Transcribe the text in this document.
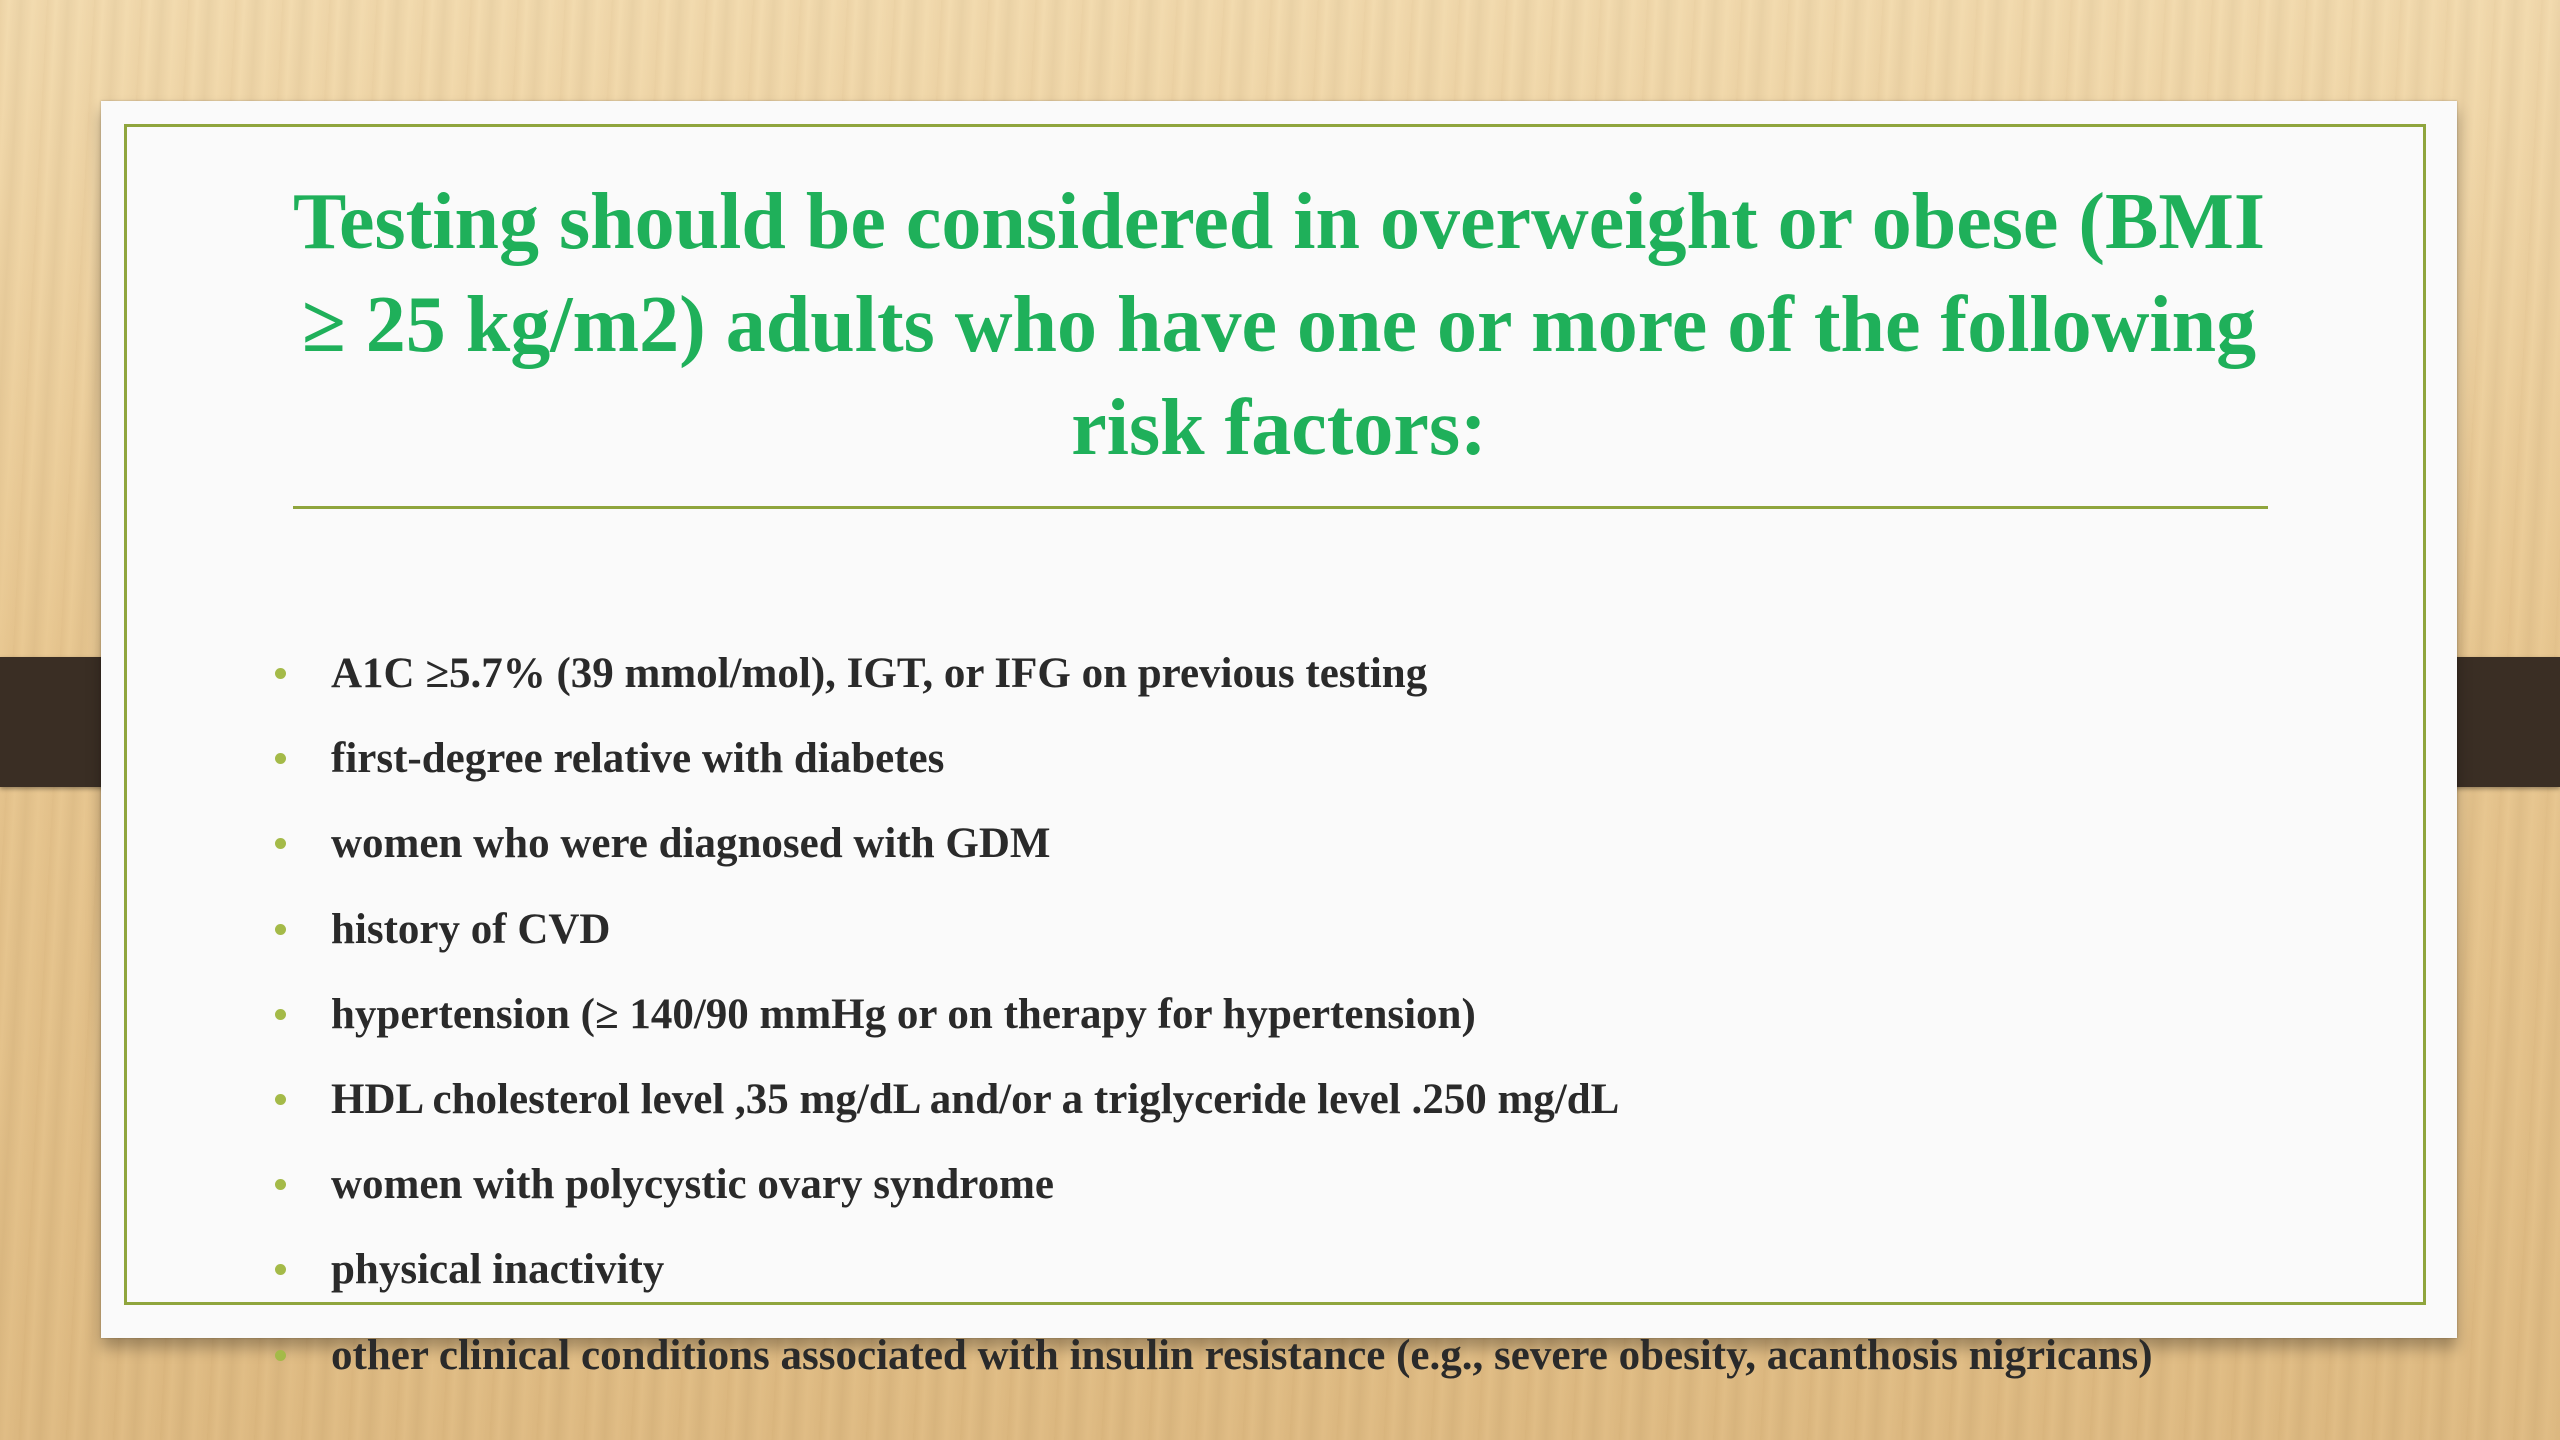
Testing should be considered in overweight or obese (BMI ≥ 25 kg/m2) adults who have one or more of the following risk factors:
A1C ≥5.7% (39 mmol/mol), IGT, or IFG on previous testing
first-degree relative with diabetes
women who were diagnosed with GDM
history of CVD
hypertension (≥ 140/90 mmHg or on therapy for hypertension)
HDL cholesterol level ,35 mg/dL and/or a triglyceride level .250 mg/dL
women with polycystic ovary syndrome
physical inactivity
other clinical conditions associated with insulin resistance (e.g., severe obesity, acanthosis nigricans)
